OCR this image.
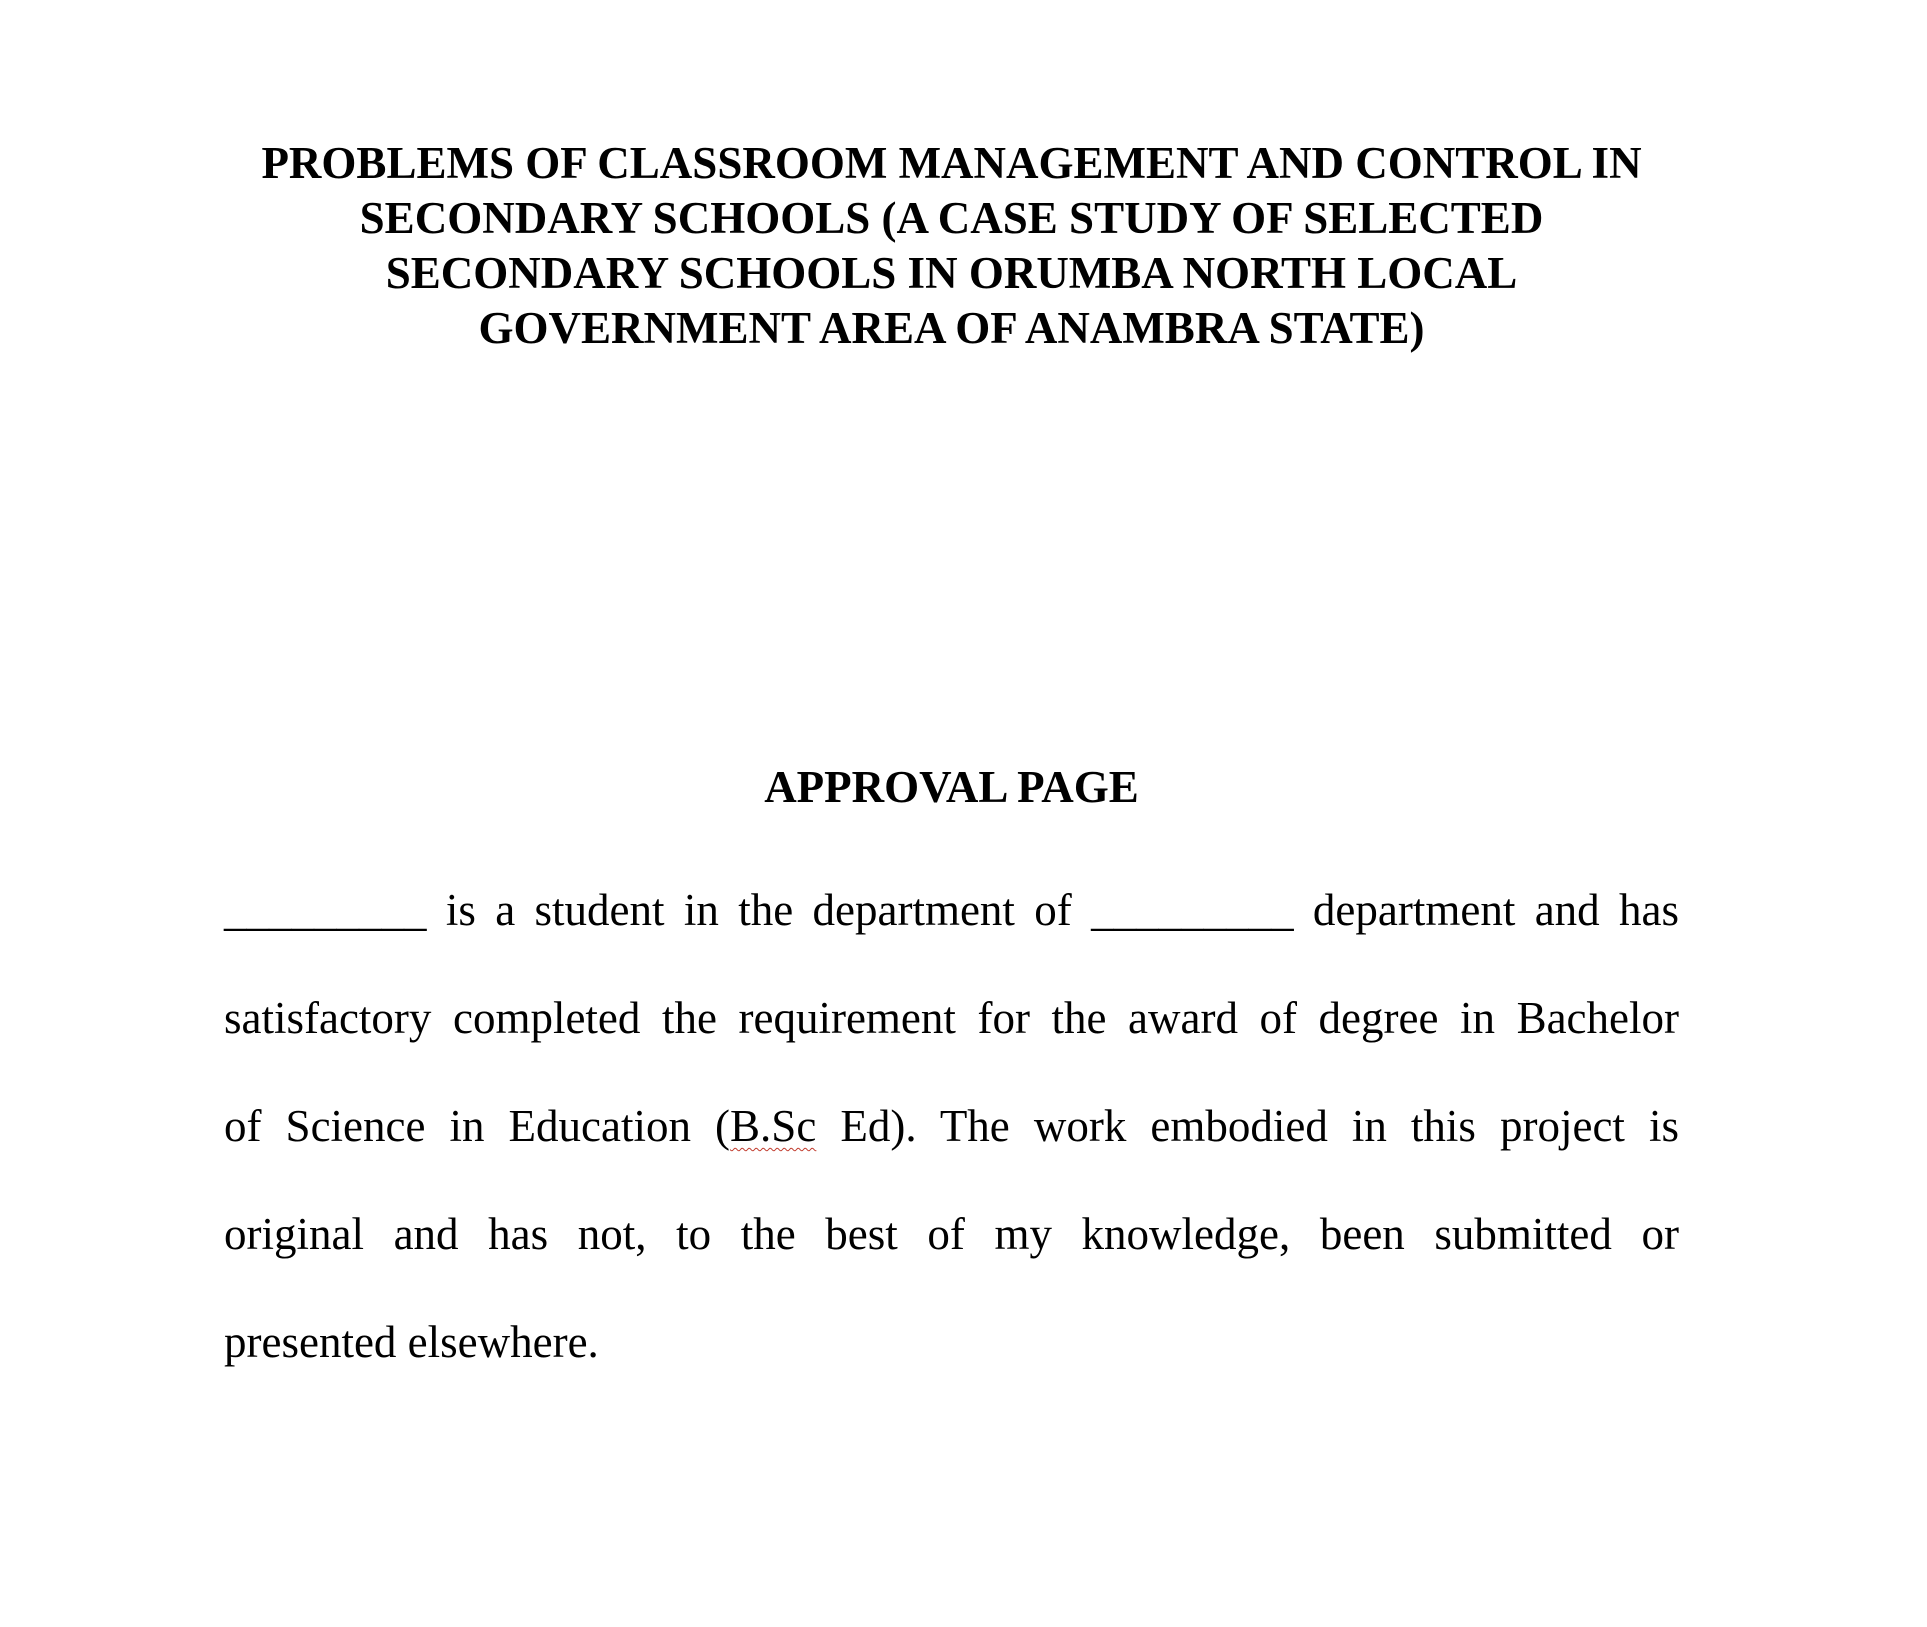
PROBLEMS OF CLASSROOM MANAGEMENT AND CONTROL IN
SECONDARY SCHOOLS (A CASE STUDY OF SELECTED
SECONDARY SCHOOLS IN ORUMBA NORTH LOCAL
GOVERNMENT AREA OF ANAMBRA STATE)
APPROVAL PAGE
_________ is a student in the department of _________ department and has
satisfactory completed the requirement for the award of degree in Bachelor
of Science in Education (B.Sc Ed). The work embodied in this project is
original and has not, to the best of my knowledge, been submitted or
presented elsewhere.
